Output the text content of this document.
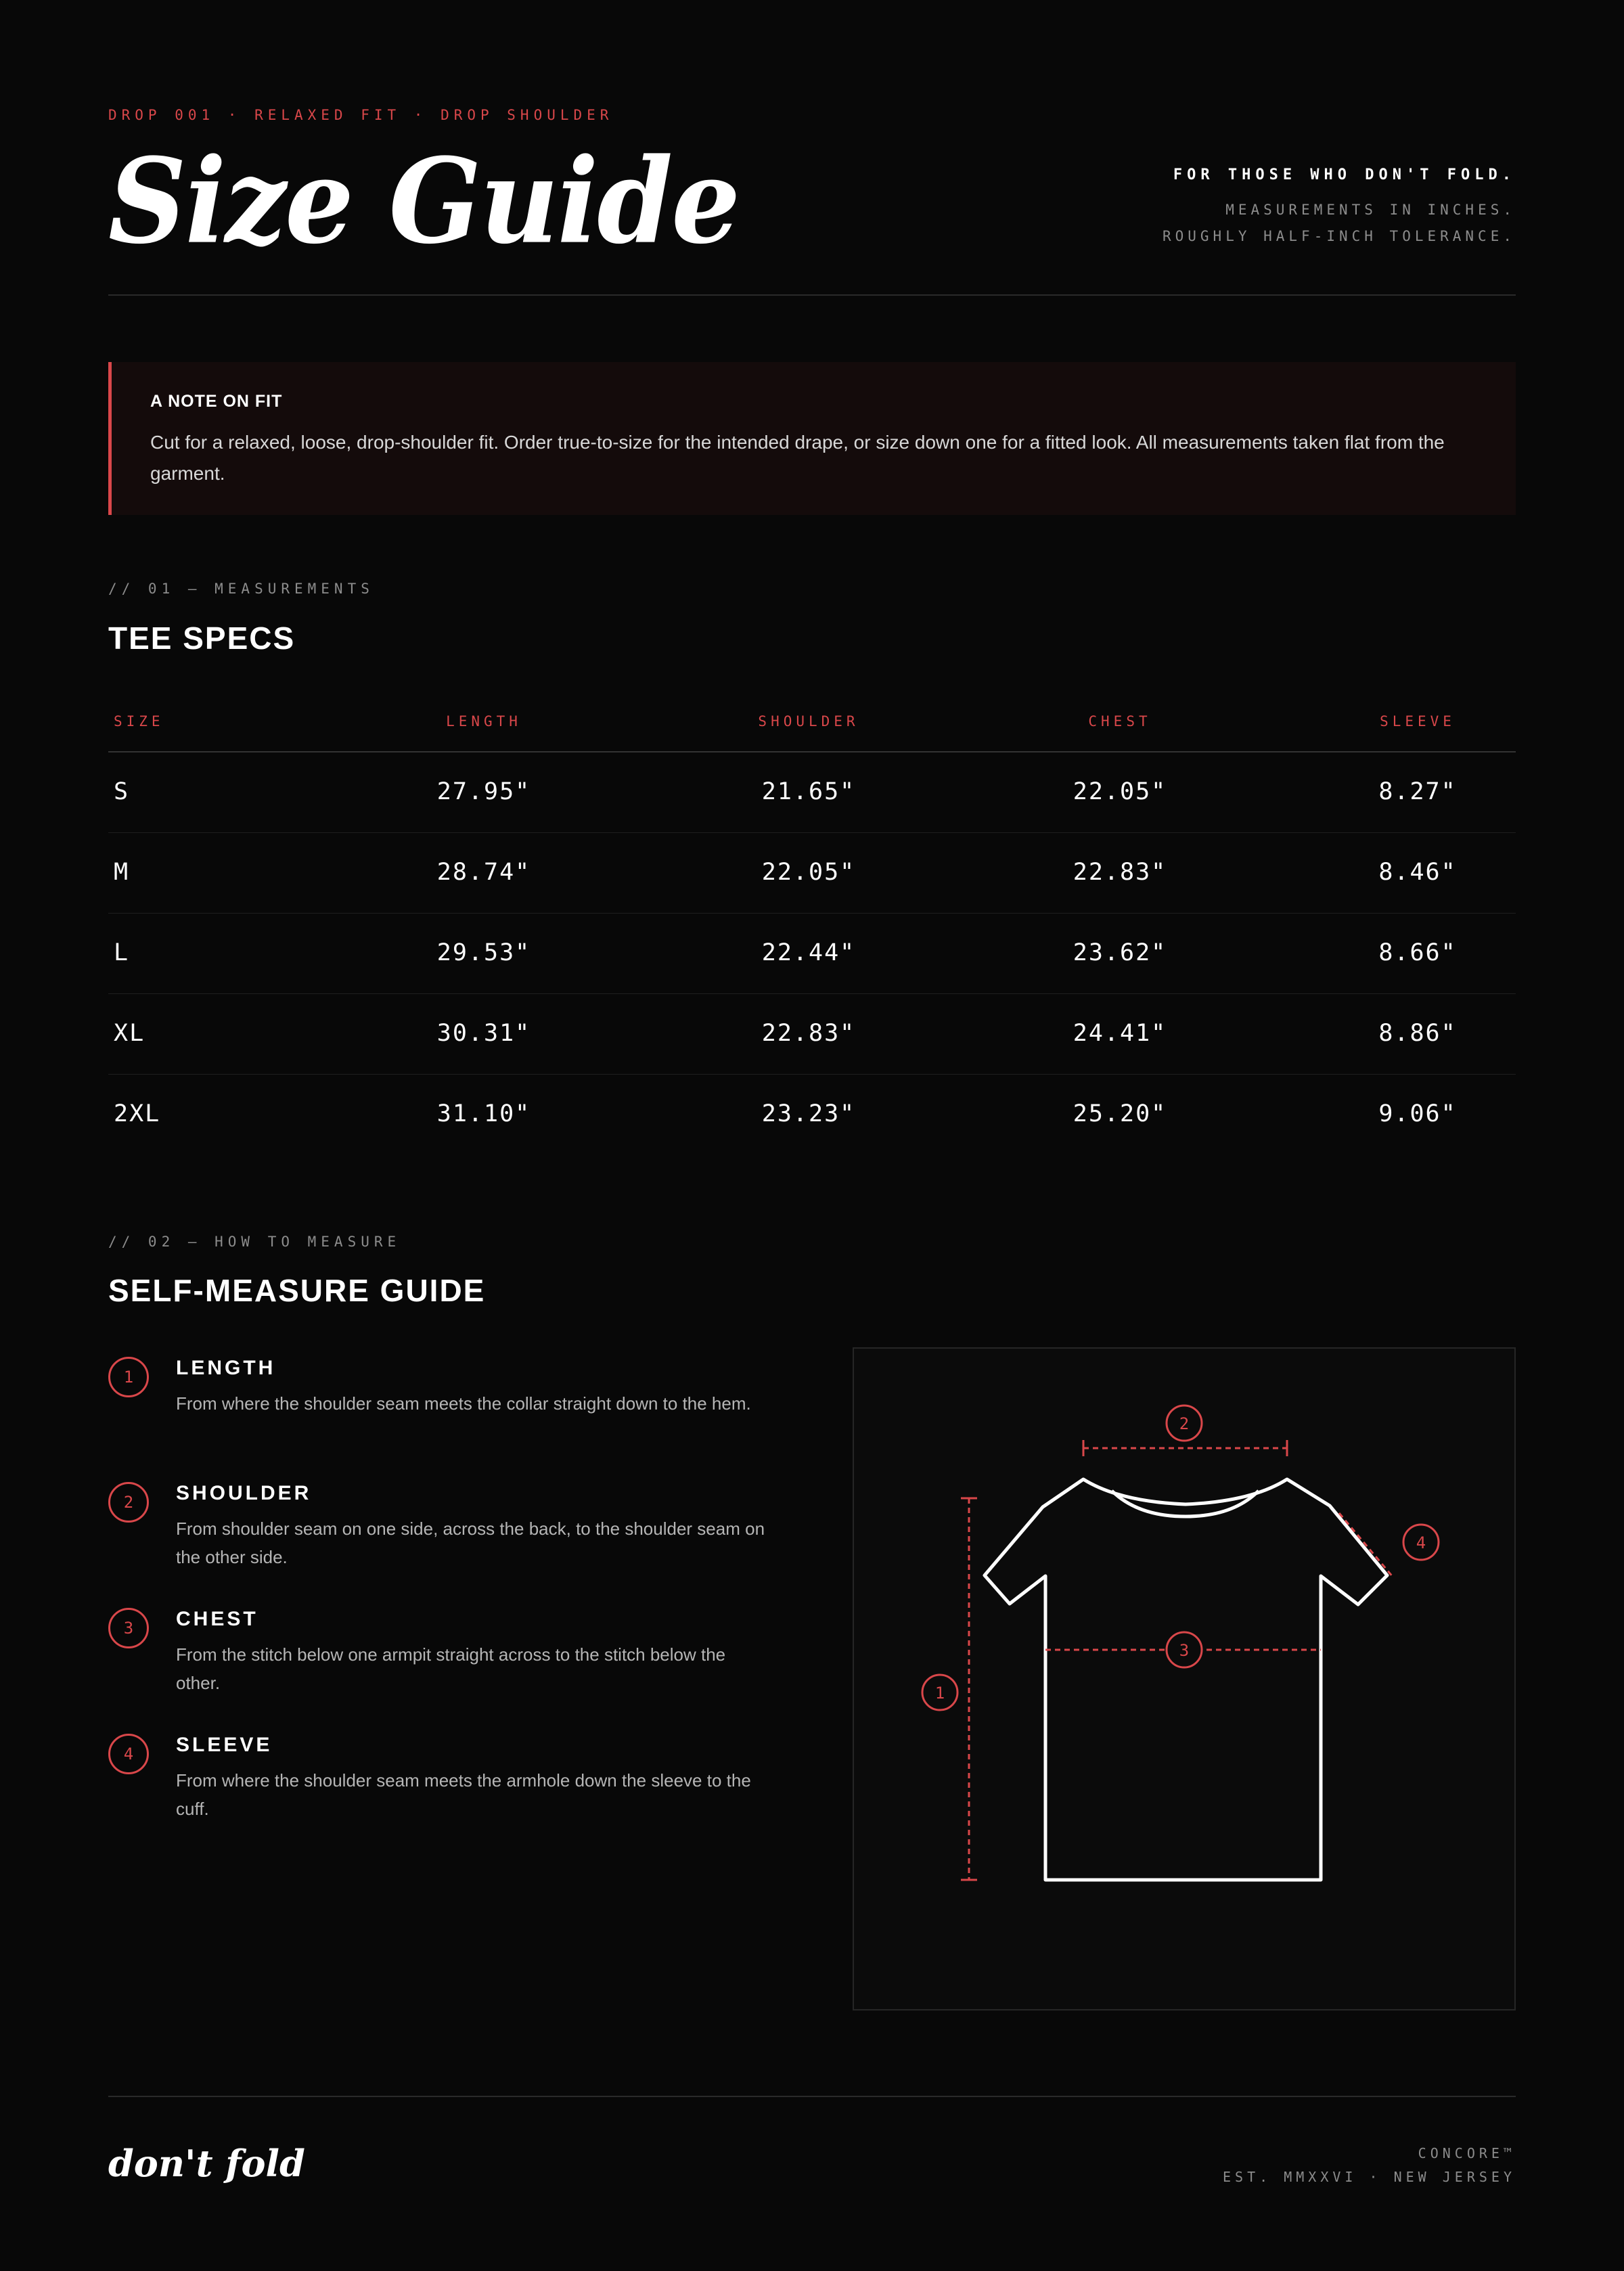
DROP 001 · RELAXED FIT · DROP SHOULDER
Size Guide	FOR THOSE WHO DON'T FOLD.
MEASUREMENTS IN INCHES.
ROUGHLY HALF-INCH TOLERANCE.
A NOTE ON FIT
Cut for a relaxed, loose, drop-shoulder fit. Order true-to-size for the intended drape, or size down one for a fitted look. All measurements taken flat from the garment.
// 01 — MEASUREMENTS
TEE SPECS
SIZE	LENGTH	SHOULDER	CHEST	SLEEVE
S	27.95"	21.65"	22.05"	8.27"
M	28.74"	22.05"	22.83"	8.46"
L	29.53"	22.44"	23.62"	8.66"
XL	30.31"	22.83"	24.41"	8.86"
2XL	31.10"	23.23"	25.20"	9.06"
// 02 — HOW TO MEASURE
SELF-MEASURE GUIDE
1	LENGTH
From where the shoulder seam meets the collar straight down to the hem.
2	SHOULDER
From shoulder seam on one side, across the back, to the shoulder seam on the other side.
3	CHEST
From the stitch below one armpit straight across to the stitch below the other.
4	SLEEVE
From where the shoulder seam meets the armhole down the sleeve to the cuff.
1
2
3
4
don't fold	CONCORE™
EST. MMXXVI · NEW JERSEY
